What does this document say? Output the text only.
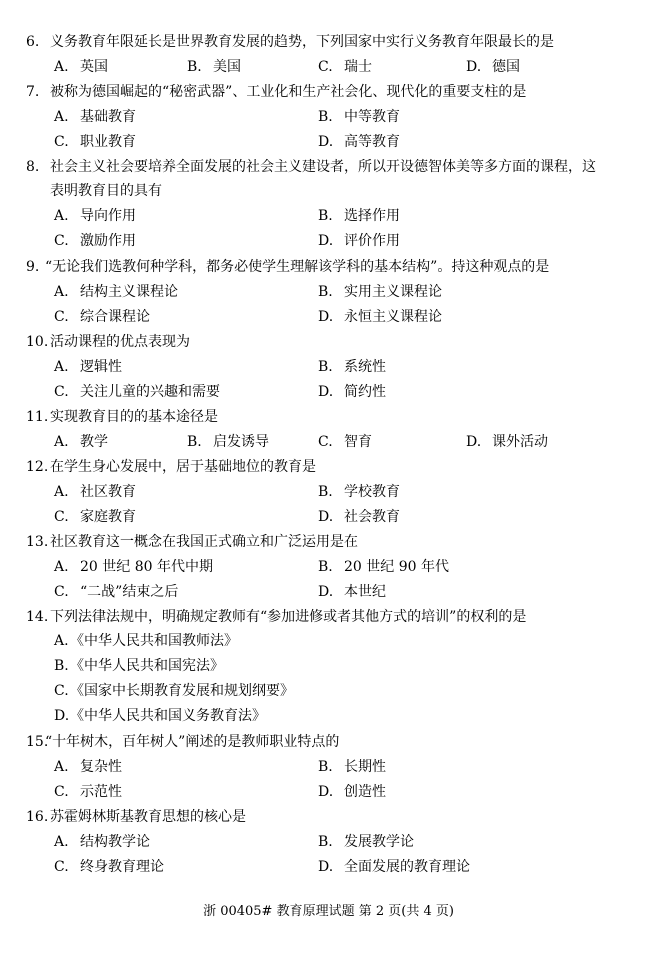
6. 义务教育年限延长是世界教育发展的趋势，下列国家中实行义务教育年限最长的是
A. 英国	B. 美国	C. 瑞士	D. 德国
7. 被称为德国崛起的“秘密武器”、工业化和生产社会化、现代化的重要支柱的是
A. 基础教育	B. 中等教育
C. 职业教育	D. 高等教育
8. 社会主义社会要培养全面发展的社会主义建设者，所以开设德智体美等多方面的课程，这
表明教育目的具有
A. 导向作用	B. 选择作用
C. 激励作用	D. 评价作用
9. “无论我们选教何种学科，都务必使学生理解该学科的基本结构”。持这种观点的是
A. 结构主义课程论	B. 实用主义课程论
C. 综合课程论	D. 永恒主义课程论
10. 活动课程的优点表现为
A. 逻辑性	B. 系统性
C. 关注儿童的兴趣和需要	D. 简约性
11. 实现教育目的的基本途径是
A. 教学	B. 启发诱导	C. 智育	D. 课外活动
12. 在学生身心发展中，居于基础地位的教育是
A. 社区教育	B. 学校教育
C. 家庭教育	D. 社会教育
13. 社区教育这一概念在我国正式确立和广泛运用是在
A. 20 世纪 80 年代中期	B. 20 世纪 90 年代
C. “二战”结束之后	D. 本世纪
14. 下列法律法规中，明确规定教师有“参加进修或者其他方式的培训”的权利的是
A.《中华人民共和国教师法》
B.《中华人民共和国宪法》
C.《国家中长期教育发展和规划纲要》
D.《中华人民共和国义务教育法》
15.
“十年树木，百年树人”阐述的是教师职业特点的
A. 复杂性	B. 长期性
C. 示范性	D. 创造性
16. 苏霍姆林斯基教育思想的核心是
A. 结构教学论	B. 发展教学论
C. 终身教育理论	D. 全面发展的教育理论
浙 00405# 教育原理试题 第 2 页(共 4 页)
